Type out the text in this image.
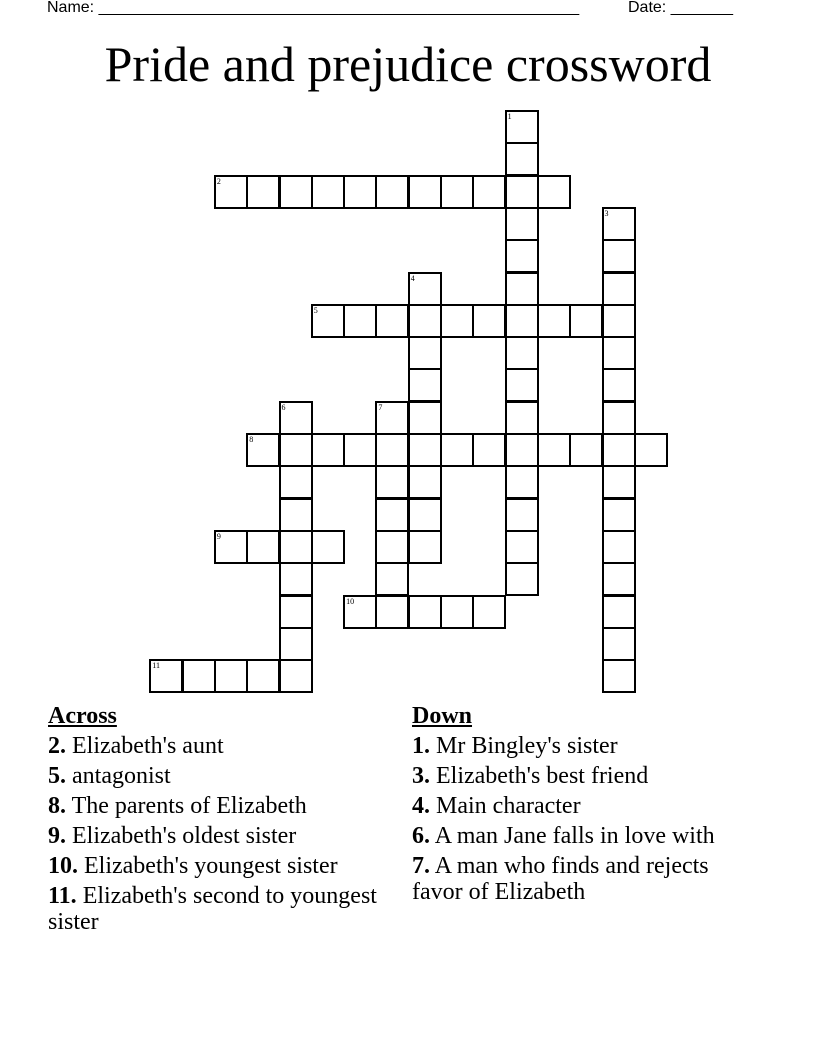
Name: ______________________________________________________	Date: _______
Pride and prejudice crossword
1
2
3
4
5
6	7
8
9
10
11
Across
2. Elizabeth's aunt
5. antagonist
8. The parents of Elizabeth
9. Elizabeth's oldest sister
10. Elizabeth's youngest sister
11. Elizabeth's second to youngest sister
Down
1. Mr Bingley's sister
3. Elizabeth's best friend
4. Main character
6. A man Jane falls in love with
7. A man who finds and rejects favor of Elizabeth
